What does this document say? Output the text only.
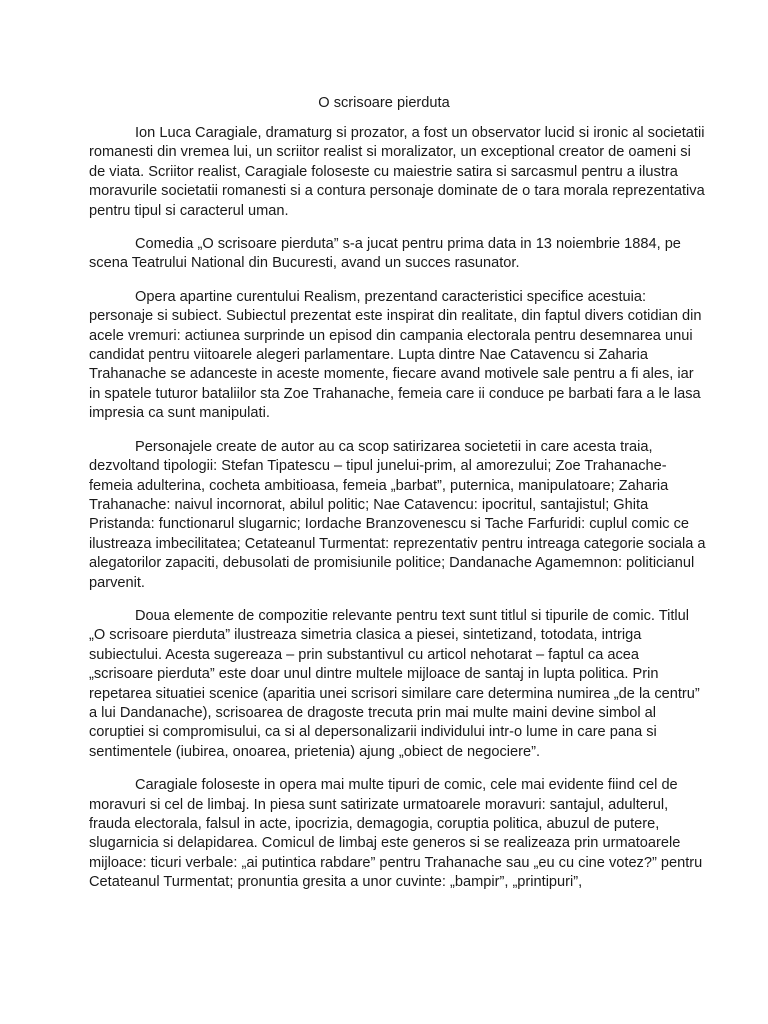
O scrisoare pierduta

Ion Luca Caragiale, dramaturg si prozator, a fost un observator lucid si ironic al societatii romanesti din vremea lui, un scriitor realist si moralizator, un exceptional creator de oameni si de viata. Scriitor realist, Caragiale foloseste cu maiestrie satira si sarcasmul pentru a ilustra moravurile societatii romanesti si a contura personaje dominate de o tara morala reprezentativa pentru tipul si caracterul uman.

Comedia „O scrisoare pierduta” s-a jucat pentru prima data in 13 noiembrie 1884, pe scena Teatrului National din Bucuresti, avand un succes rasunator.

Opera apartine curentului Realism, prezentand caracteristici specifice acestuia: personaje si subiect. Subiectul prezentat este inspirat din realitate, din faptul divers cotidian din acele vremuri: actiunea surprinde un episod din campania electorala pentru desemnarea unui candidat pentru viitoarele alegeri parlamentare. Lupta dintre Nae Catavencu si Zaharia Trahanache se adanceste in aceste momente, fiecare avand motivele sale pentru a fi ales, iar in spatele tuturor bataliilor sta Zoe Trahanache, femeia care ii conduce pe barbati fara a le lasa impresia ca sunt manipulati.

Personajele create de autor au ca scop satirizarea societetii in care acesta traia, dezvoltand tipologii: Stefan Tipatescu – tipul junelui-prim, al amorezului; Zoe Trahanache- femeia adulterina, cocheta ambitioasa, femeia „barbat”, puternica, manipulatoare; Zaharia Trahanache: naivul incornorat, abilul politic; Nae Catavencu: ipocritul, santajistul; Ghita Pristanda: functionarul slugarnic; Iordache Branzovenescu si Tache Farfuridi: cuplul comic ce ilustreaza imbecilitatea; Cetateanul Turmentat: reprezentativ pentru intreaga categorie sociala a alegatorilor zapaciti, debusolati de promisiunile politice; Dandanache Agamemnon: politicianul parvenit.

Doua elemente de compozitie relevante pentru text sunt titlul si tipurile de comic. Titlul „O scrisoare pierduta” ilustreaza simetria clasica a piesei, sintetizand, totodata, intriga subiectului. Acesta sugereaza – prin substantivul cu articol nehotarat – faptul ca acea „scrisoare pierduta” este doar unul dintre multele mijloace de santaj in lupta politica. Prin repetarea situatiei scenice (aparitia unei scrisori similare care determina numirea „de la centru” a lui Dandanache), scrisoarea de dragoste trecuta prin mai multe maini devine simbol al coruptiei si compromisului, ca si al depersonalizarii individului intr-o lume in care pana si sentimentele (iubirea, onoarea, prietenia) ajung „obiect de negociere”.

Caragiale foloseste in opera mai multe tipuri de comic, cele mai evidente fiind cel de moravuri si cel de limbaj. In piesa sunt satirizate urmatoarele moravuri: santajul, adulterul, frauda electorala, falsul in acte, ipocrizia, demagogia, coruptia politica, abuzul de putere, slugarnicia si delapidarea. Comicul de limbaj este generos si se realizeaza prin urmatoarele mijloace: ticuri verbale: „ai putintica rabdare” pentru Trahanache sau „eu cu cine votez?” pentru Cetateanul Turmentat; pronuntia gresita a unor cuvinte: „bampir”, „printipuri”,
